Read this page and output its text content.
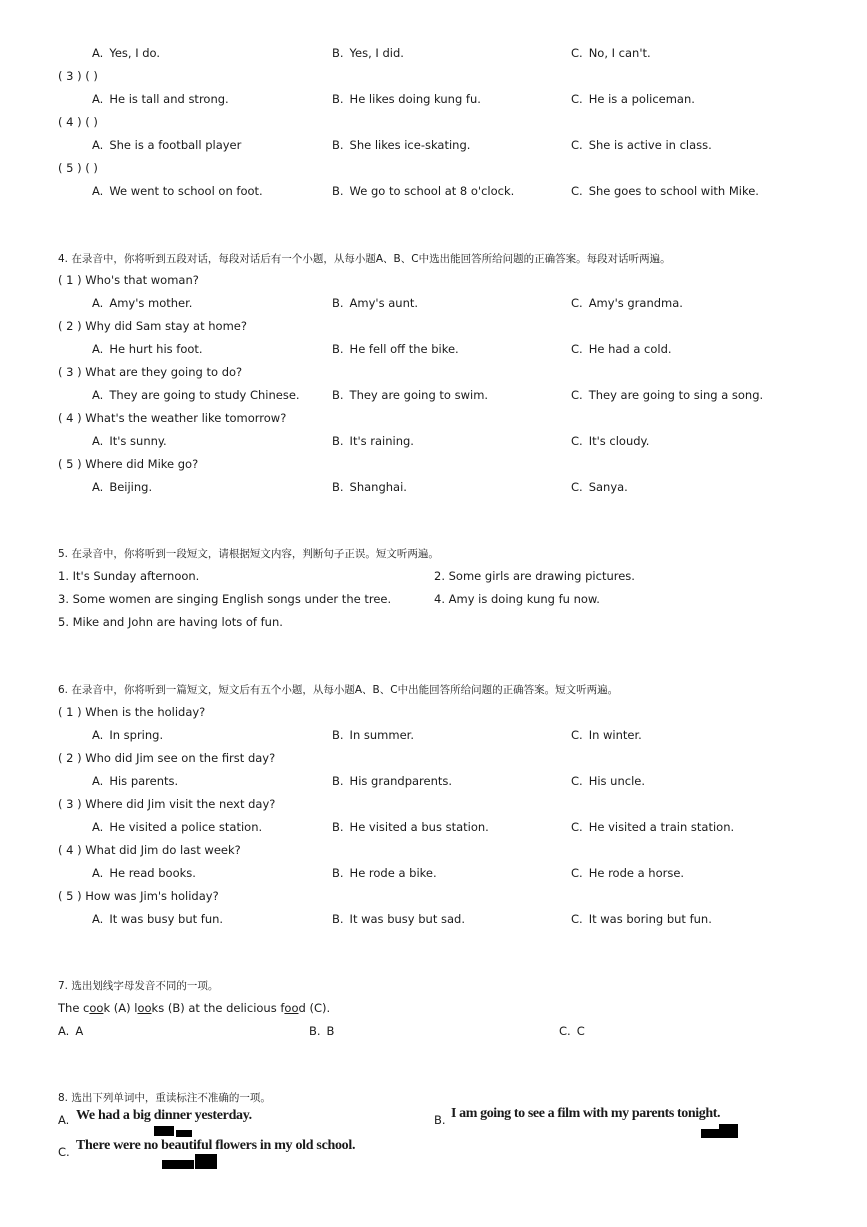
A. Yes, I do.	B. Yes, I did.	C. No, I can't.
( 3 ) ( )
A. He is tall and strong.	B. He likes doing kung fu.	C. He is a policeman.
( 4 ) ( )
A. She is a football player	B. She likes ice-skating.	C. She is active in class.
( 5 ) ( )
A. We went to school on foot.	B. We go to school at 8 o'clock.	C. She goes to school with Mike.
4. 在录音中，你将听到五段对话，每段对话后有一个小题，从每小题A、B、C中选出能回答所给问题的正确答案。每段对话听两遍。
( 1 ) Who's that woman?
A. Amy's mother.	B. Amy's aunt.	C. Amy's grandma.
( 2 ) Why did Sam stay at home?
A. He hurt his foot.	B. He fell off the bike.	C. He had a cold.
( 3 ) What are they going to do?
A. They are going to study Chinese.	B. They are going to swim.	C. They are going to sing a song.
( 4 ) What's the weather like tomorrow?
A. It's sunny.	B. It's raining.	C. It's cloudy.
( 5 ) Where did Mike go?
A. Beijing.	B. Shanghai.	C. Sanya.
5. 在录音中，你将听到一段短文，请根据短文内容，判断句子正误。短文听两遍。
1. It's Sunday afternoon.	2. Some girls are drawing pictures.
3. Some women are singing English songs under the tree.	4. Amy is doing kung fu now.
5. Mike and John are having lots of fun.
6. 在录音中，你将听到一篇短文，短文后有五个小题，从每小题A、B、C中出能回答所给问题的正确答案。短文听两遍。
( 1 ) When is the holiday?
A. In spring.	B. In summer.	C. In winter.
( 2 ) Who did Jim see on the first day?
A. His parents.	B. His grandparents.	C. His uncle.
( 3 ) Where did Jim visit the next day?
A. He visited a police station.	B. He visited a bus station.	C. He visited a train station.
( 4 ) What did Jim do last week?
A. He read books.	B. He rode a bike.	C. He rode a horse.
( 5 ) How was Jim's holiday?
A. It was busy but fun.	B. It was busy but sad.	C. It was boring but fun.
7. 选出划线字母发音不同的一项。
The cook (A) looks (B) at the delicious food (C).
A. A	B. B	C. C
8. 选出下列单词中，重读标注不准确的一项。
A. We had a big dinner yesterday.	B. I am going to see a film with my parents tonight.
C. There were no beautiful flowers in my old school.
